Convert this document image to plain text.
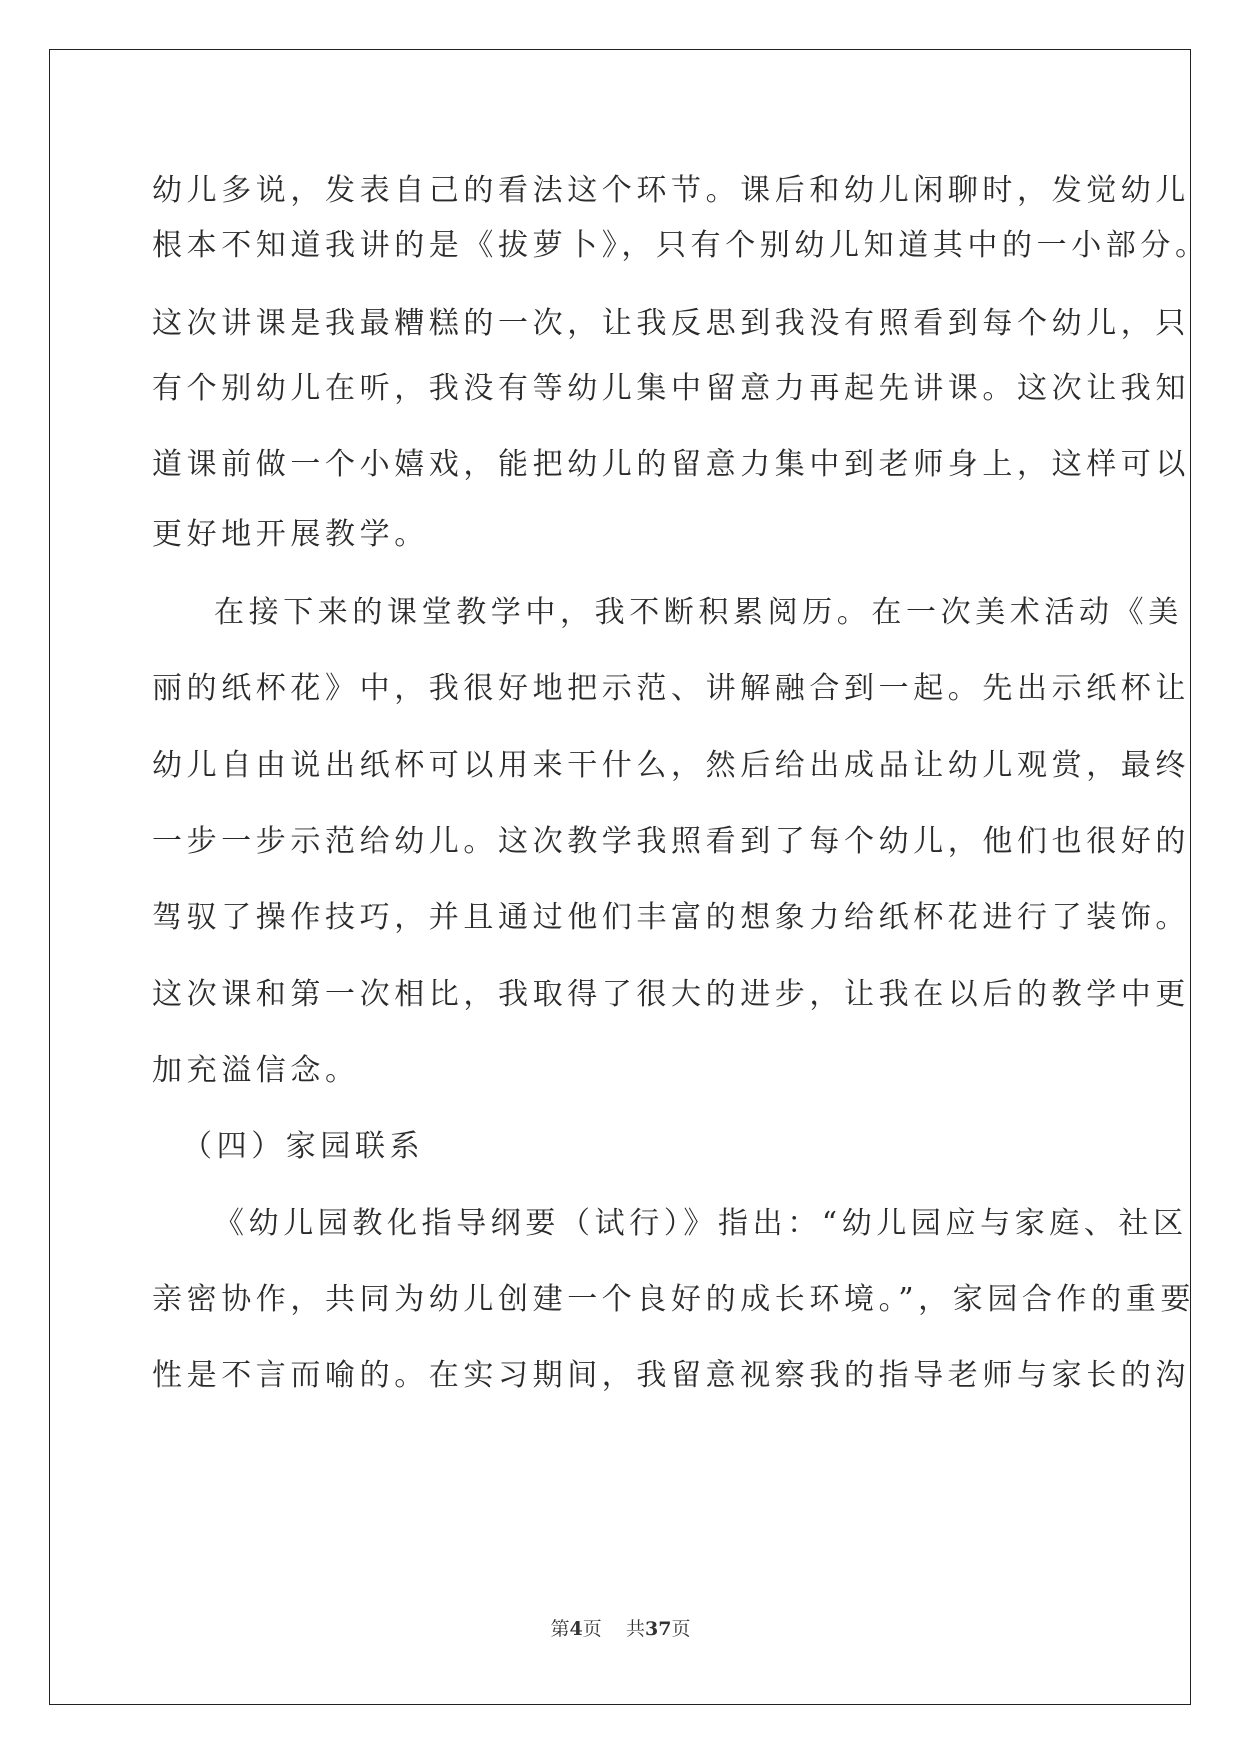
幼儿多说，发表自己的看法这个环节。课后和幼儿闲聊时，发觉幼儿
根本不知道我讲的是《拔萝卜》，只有个别幼儿知道其中的一小部分。
这次讲课是我最糟糕的一次，让我反思到我没有照看到每个幼儿，只
有个别幼儿在听，我没有等幼儿集中留意力再起先讲课。这次让我知
道课前做一个小嬉戏，能把幼儿的留意力集中到老师身上，这样可以
更好地开展教学。
在接下来的课堂教学中，我不断积累阅历。在一次美术活动《美
丽的纸杯花》中，我很好地把示范、讲解融合到一起。先出示纸杯让
幼儿自由说出纸杯可以用来干什么，然后给出成品让幼儿观赏，最终
一步一步示范给幼儿。这次教学我照看到了每个幼儿，他们也很好的
驾驭了操作技巧，并且通过他们丰富的想象力给纸杯花进行了装饰。
这次课和第一次相比，我取得了很大的进步，让我在以后的教学中更
加充溢信念。
（四）家园联系
《幼儿园教化指导纲要（试行）》指出：“幼儿园应与家庭、社区
亲密协作，共同为幼儿创建一个良好的成长环境。”，家园合作的重要
性是不言而喻的。在实习期间，我留意视察我的指导老师与家长的沟
第4页 共37页
